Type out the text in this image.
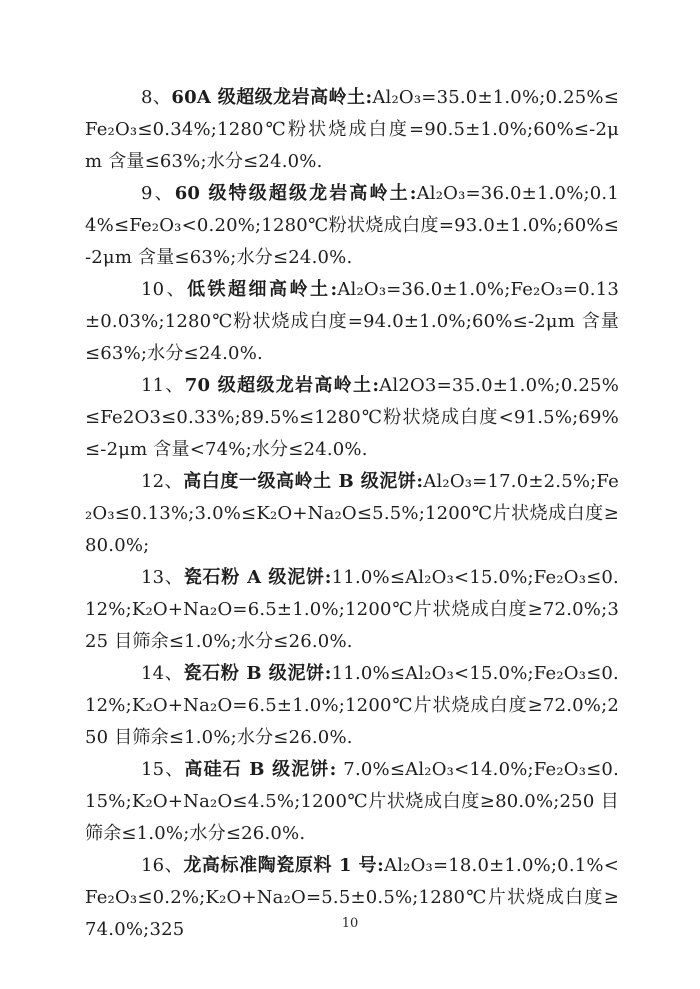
8、60A 级超级龙岩高岭土:Al₂O₃=35.0±1.0%;0.25%≤Fe₂O₃≤0.34%;1280℃粉状烧成白度=90.5±1.0%;60%≤-2μm 含量≤63%;水分≤24.0%.

9、60 级特级超级龙岩高岭土:Al₂O₃=36.0±1.0%;0.14%≤Fe₂O₃<0.20%;1280℃粉状烧成白度=93.0±1.0%;60%≤-2μm 含量≤63%;水分≤24.0%.

10、低铁超细高岭土:Al₂O₃=36.0±1.0%;Fe₂O₃=0.13±0.03%;1280℃粉状烧成白度=94.0±1.0%;60%≤-2μm 含量≤63%;水分≤24.0%.

11、70 级超级龙岩高岭土:Al2O3=35.0±1.0%;0.25%≤Fe2O3≤0.33%;89.5%≤1280℃粉状烧成白度<91.5%;69%≤-2μm 含量<74%;水分≤24.0%.

12、高白度一级高岭土 B 级泥饼:Al₂O₃=17.0±2.5%;Fe₂O₃≤0.13%;3.0%≤K₂O+Na₂O≤5.5%;1200℃片状烧成白度≥80.0%;

13、瓷石粉 A 级泥饼:11.0%≤Al₂O₃<15.0%;Fe₂O₃≤0.12%;K₂O+Na₂O=6.5±1.0%;1200℃片状烧成白度≥72.0%;325 目筛余≤1.0%;水分≤26.0%.

14、瓷石粉 B 级泥饼:11.0%≤Al₂O₃<15.0%;Fe₂O₃≤0.12%;K₂O+Na₂O=6.5±1.0%;1200℃片状烧成白度≥72.0%;250 目筛余≤1.0%;水分≤26.0%.

15、高硅石 B 级泥饼: 7.0%≤Al₂O₃<14.0%;Fe₂O₃≤0.15%;K₂O+Na₂O≤4.5%;1200℃片状烧成白度≥80.0%;250 目筛余≤1.0%;水分≤26.0%.

16、龙高标准陶瓷原料 1 号:Al₂O₃=18.0±1.0%;0.1%<Fe₂O₃≤0.2%;K₂O+Na₂O=5.5±0.5%;1280℃片状烧成白度≥74.0%;325	10
